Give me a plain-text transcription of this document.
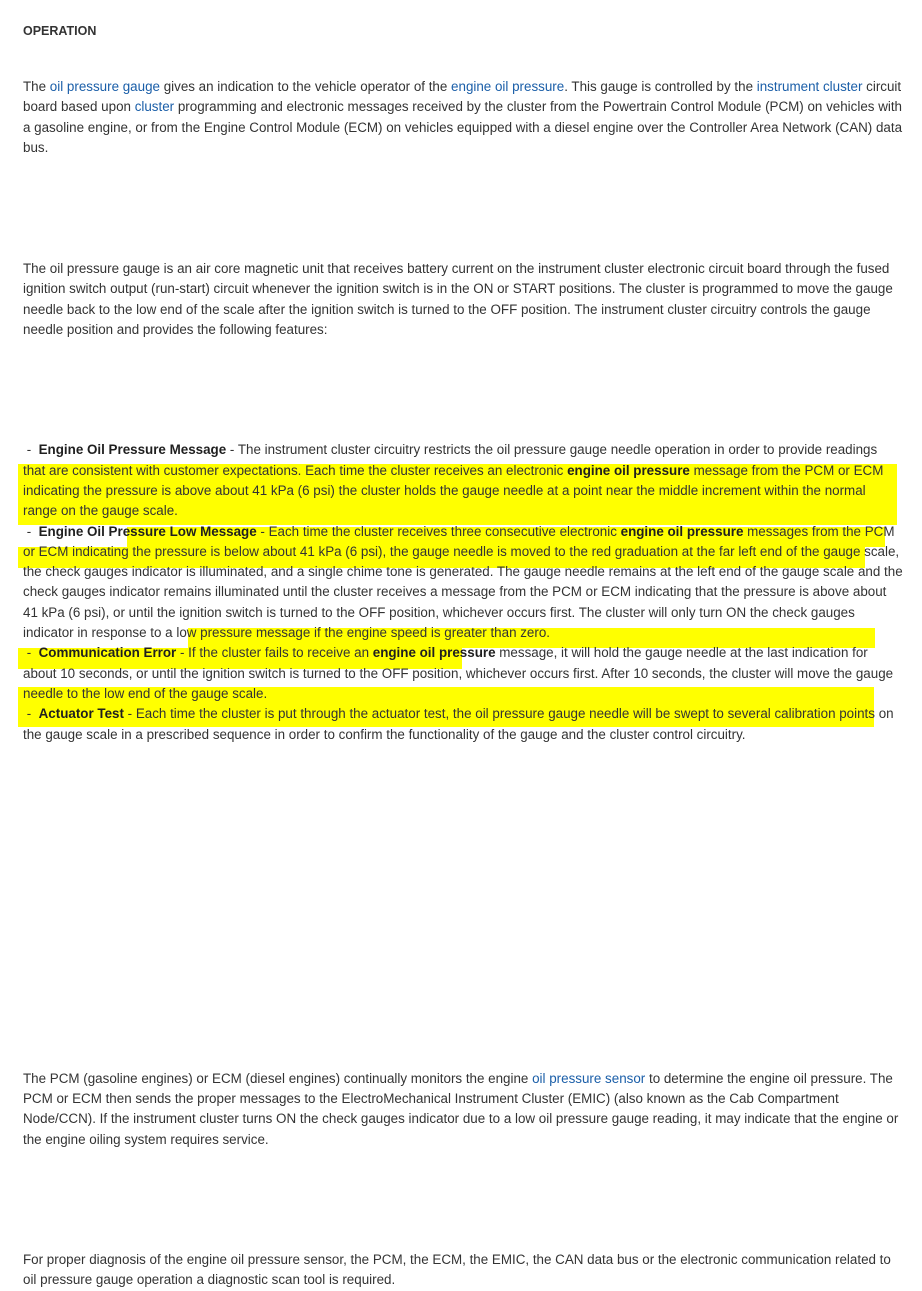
OPERATION
The oil pressure gauge gives an indication to the vehicle operator of the engine oil pressure. This gauge is controlled by the instrument cluster circuit board based upon cluster programming and electronic messages received by the cluster from the Powertrain Control Module (PCM) on vehicles with a gasoline engine, or from the Engine Control Module (ECM) on vehicles equipped with a diesel engine over the Controller Area Network (CAN) data bus.
The oil pressure gauge is an air core magnetic unit that receives battery current on the instrument cluster electronic circuit board through the fused ignition switch output (run-start) circuit whenever the ignition switch is in the ON or START positions. The cluster is programmed to move the gauge needle back to the low end of the scale after the ignition switch is turned to the OFF position. The instrument cluster circuitry controls the gauge needle position and provides the following features:
-  Engine Oil Pressure Message - The instrument cluster circuitry restricts the oil pressure gauge needle operation in order to provide readings that are consistent with customer expectations. Each time the cluster receives an electronic engine oil pressure message from the PCM or ECM indicating the pressure is above about 41 kPa (6 psi) the cluster holds the gauge needle at a point near the middle increment within the normal range on the gauge scale.
-  Engine Oil Pressure Low Message - Each time the cluster receives three consecutive electronic engine oil pressure messages from the PCM or ECM indicating the pressure is below about 41 kPa (6 psi), the gauge needle is moved to the red graduation at the far left end of the gauge scale, the check gauges indicator is illuminated, and a single chime tone is generated. The gauge needle remains at the left end of the gauge scale and the check gauges indicator remains illuminated until the cluster receives a message from the PCM or ECM indicating that the pressure is above about 41 kPa (6 psi), or until the ignition switch is turned to the OFF position, whichever occurs first. The cluster will only turn ON the check gauges indicator in response to a low pressure message if the engine speed is greater than zero.
-  Communication Error - If the cluster fails to receive an engine oil pressure message, it will hold the gauge needle at the last indication for about 10 seconds, or until the ignition switch is turned to the OFF position, whichever occurs first. After 10 seconds, the cluster will move the gauge needle to the low end of the gauge scale.
-  Actuator Test - Each time the cluster is put through the actuator test, the oil pressure gauge needle will be swept to several calibration points on the gauge scale in a prescribed sequence in order to confirm the functionality of the gauge and the cluster control circuitry.
The PCM (gasoline engines) or ECM (diesel engines) continually monitors the engine oil pressure sensor to determine the engine oil pressure. The PCM or ECM then sends the proper messages to the ElectroMechanical Instrument Cluster (EMIC) (also known as the Cab Compartment Node/CCN). If the instrument cluster turns ON the check gauges indicator due to a low oil pressure gauge reading, it may indicate that the engine or the engine oiling system requires service.
For proper diagnosis of the engine oil pressure sensor, the PCM, the ECM, the EMIC, the CAN data bus or the electronic communication related to oil pressure gauge operation a diagnostic scan tool is required.
